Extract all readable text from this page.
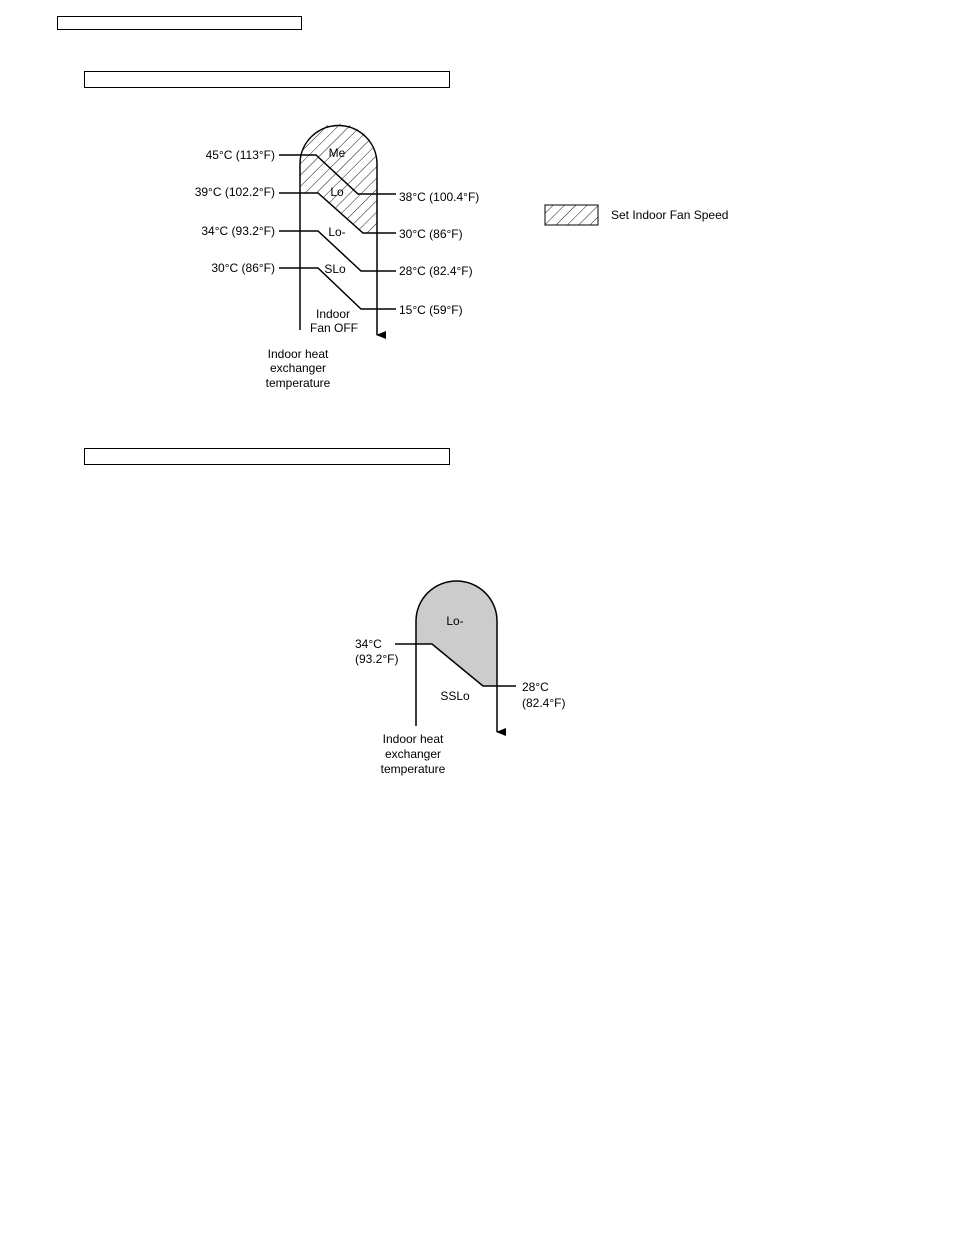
45°C (113°F)
39°C (102.2°F)
34°C (93.2°F)
30°C (86°F)
38°C (100.4°F)
30°C (86°F)
28°C (82.4°F)
15°C (59°F)
Me
Lo
Lo-
SLo
Indoor
Fan OFF
Indoor heat
exchanger
temperature
Set Indoor Fan Speed
34°C
(93.2°F)
28°C
(82.4°F)
Lo-
SSLo
Indoor heat
exchanger
temperature
